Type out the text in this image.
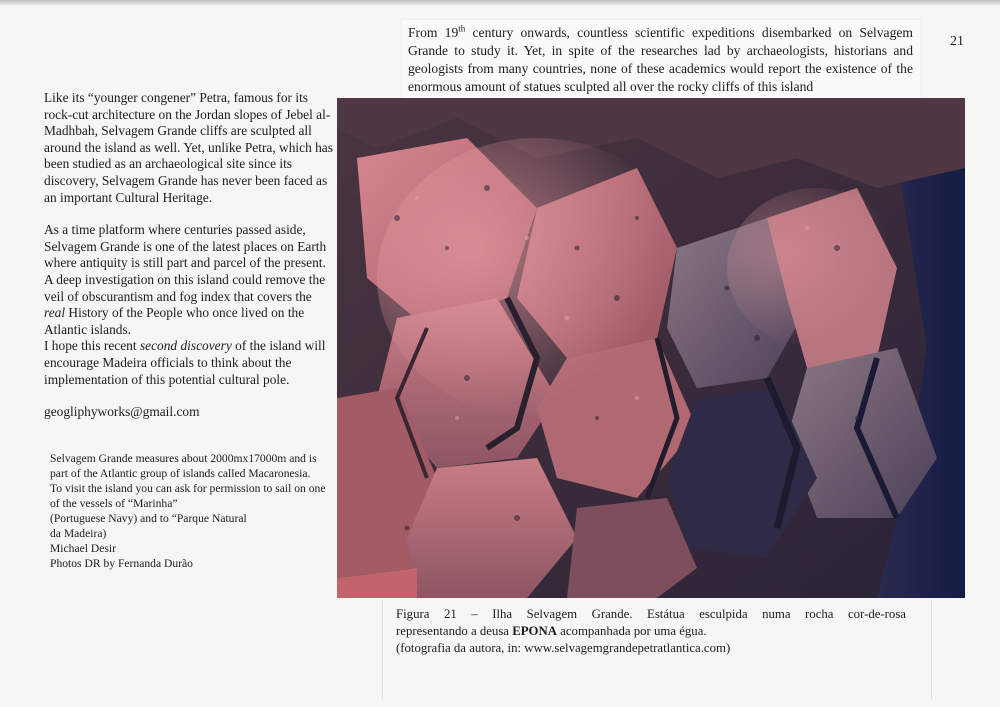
From 19th century onwards, countless scientific expeditions disembarked on Selvagem Grande to study it. Yet, in spite of the researches lad by archaeologists, historians and geologists from many countries, none of these academics would report the existence of the enormous amount of statues sculpted all over the rocky cliffs of this island
21

Like its “younger congener” Petra, famous for its rock-cut architecture on the Jordan slopes of Jebel al-Madhbah, Selvagem Grande cliffs are sculpted all around the island as well. Yet, unlike Petra, which has been studied as an archaeological site since its discovery, Selvagem Grande has never been faced as an important Cultural Heritage.

As a time platform where centuries passed aside, Selvagem Grande is one of the latest places on Earth where antiquity is still part and parcel of the present.

A deep investigation on this island could remove the veil of obscurantism and fog index that covers the real History of the People who once lived on the Atlantic islands.

I hope this recent second discovery of the island will encourage Madeira officials to think about the implementation of this potential cultural pole.

geogliphyworks@gmail.com

Selvagem Grande measures about 2000mx17000m and is part of the Atlantic group of islands called Macaronesia.

To visit the island you can ask for permission to sail on one of the vessels of “Marinha”

(Portuguese Navy) and to “Parque Natural

da Madeira)

Michael Desir

Photos DR by Fernanda Durão

Figura 21 – Ilha Selvagem Grande. Estátua esculpida numa rocha cor-de-rosa
representando a deusa EPONA acompanhada por uma égua.
(fotografia da autora, in: www.selvagemgrandepetratlantica.com)
